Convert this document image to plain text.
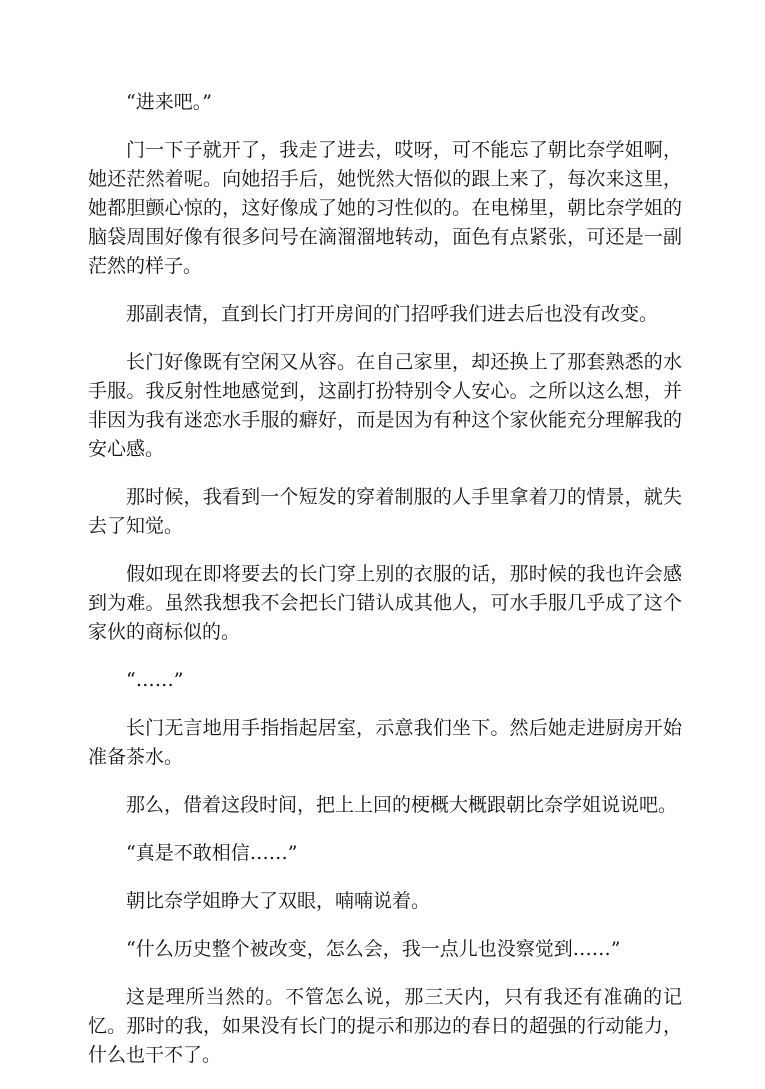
“进来吧。”

门一下子就开了，我走了进去，哎呀，可不能忘了朝比奈学姐啊，她还茫然着呢。向她招手后，她恍然大悟似的跟上来了，每次来这里，她都胆颤心惊的，这好像成了她的习性似的。在电梯里，朝比奈学姐的脑袋周围好像有很多问号在滴溜溜地转动，面色有点紧张，可还是一副茫然的样子。

那副表情，直到长门打开房间的门招呼我们进去后也没有改变。

长门好像既有空闲又从容。在自己家里，却还换上了那套熟悉的水手服。我反射性地感觉到，这副打扮特别令人安心。之所以这么想，并非因为我有迷恋水手服的癖好，而是因为有种这个家伙能充分理解我的安心感。

那时候，我看到一个短发的穿着制服的人手里拿着刀的情景，就失去了知觉。

假如现在即将要去的长门穿上别的衣服的话，那时候的我也许会感到为难。虽然我想我不会把长门错认成其他人，可水手服几乎成了这个家伙的商标似的。

“……”

长门无言地用手指指起居室，示意我们坐下。然后她走进厨房开始准备茶水。

那么，借着这段时间，把上上回的梗概大概跟朝比奈学姐说说吧。

“真是不敢相信……”

朝比奈学姐睁大了双眼，喃喃说着。

“什么历史整个被改变，怎么会，我一点儿也没察觉到……”

这是理所当然的。不管怎么说，那三天内，只有我还有准确的记忆。那时的我，如果没有长门的提示和那边的春日的超强的行动能力，什么也干不了。
